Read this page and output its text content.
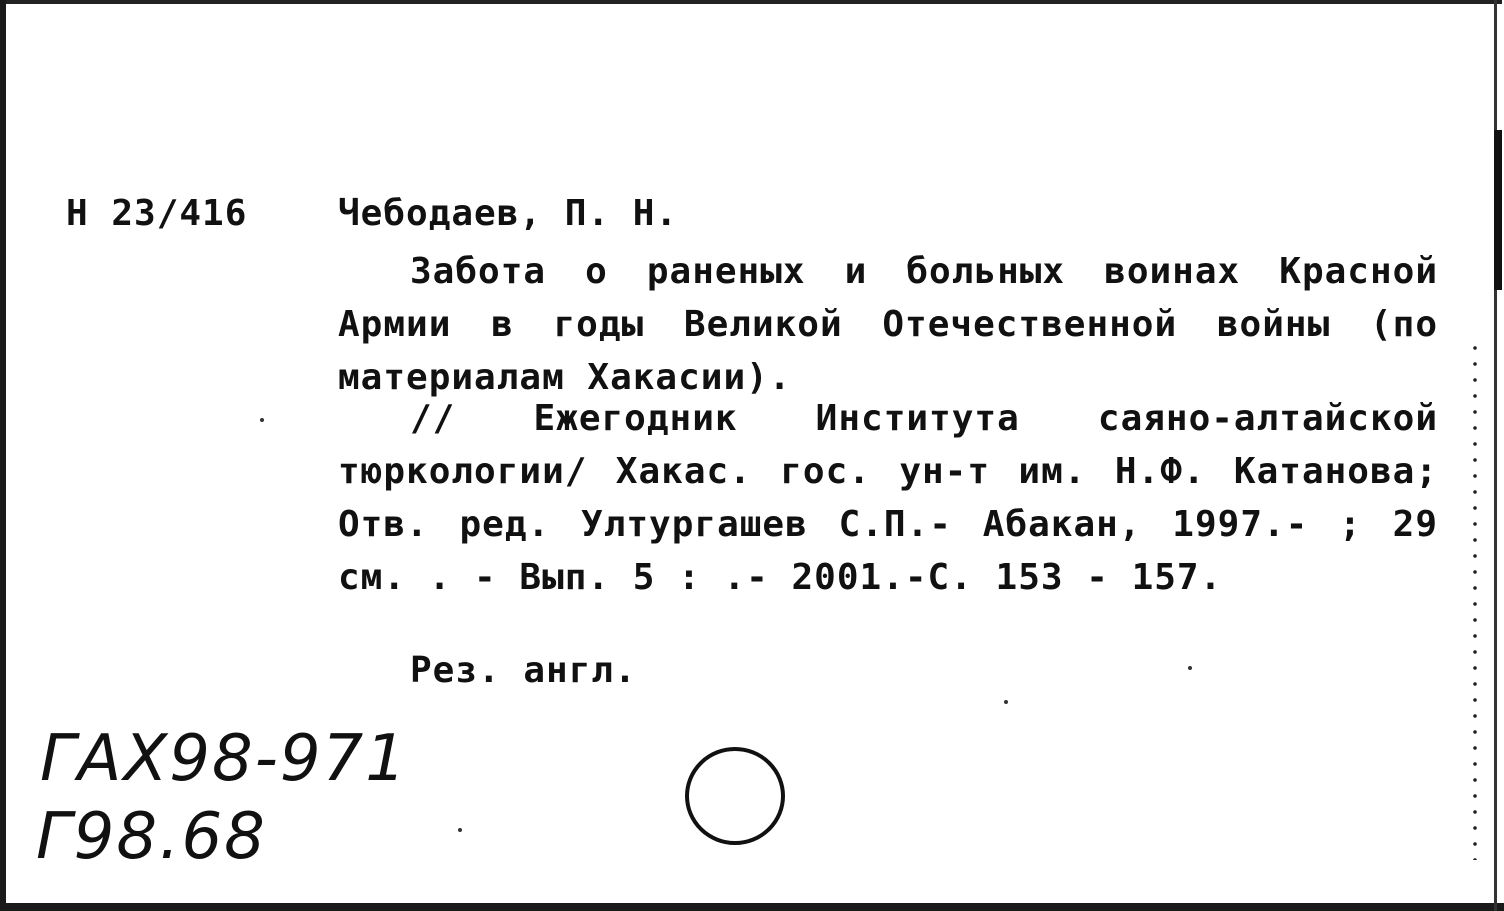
Н 23/416	Чебодаев, П. Н.

Забота о раненых и больных воинах Красной Армии в годы Великой Отечественной войны (по материалам Хакасии).

// Ежегодник Института саяно-алтайской тюркологии/ Хакас. гос. ун-т им. Н.Ф. Катанова; Отв. ред. Ултургашев С.П.- Абакан, 1997.- ; 29 см. . - Вып. 5 : .- 2001.-С. 153 - 157.

Рез. англ.

ГАХ98-971

Г98.68
